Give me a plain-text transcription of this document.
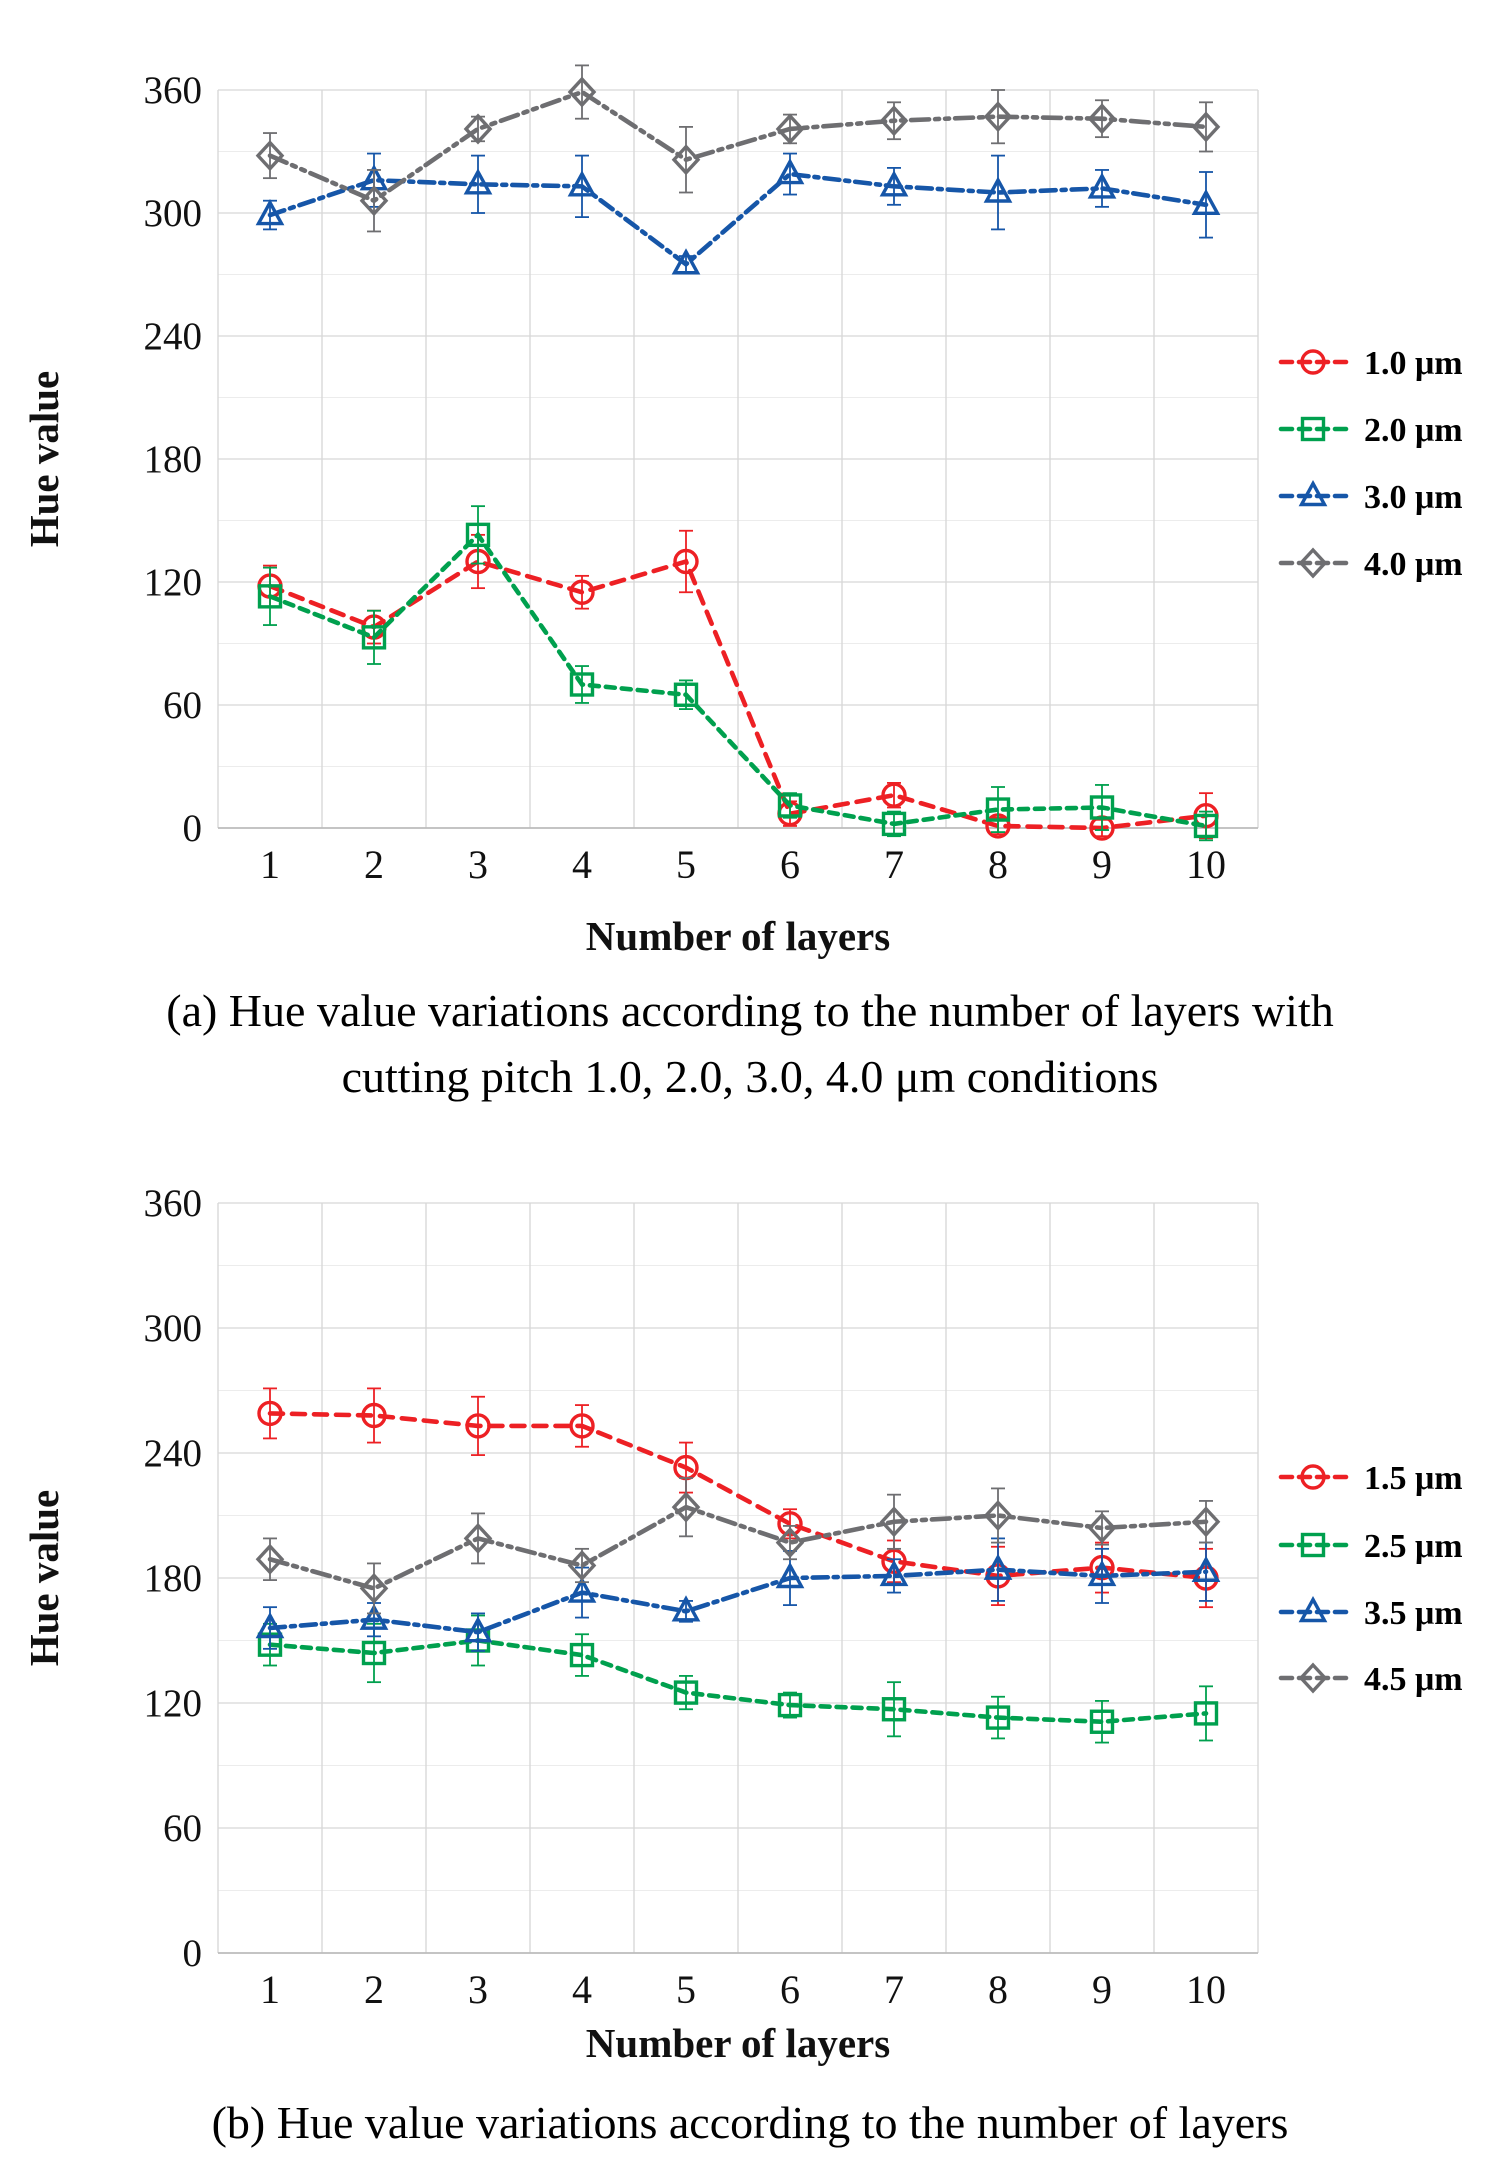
0
60
120
180
240
300
360
1 2 3 4 5 6 7 8 9 10
1.0 μm
2.0 μm
3.0 μm
4.0 μm
Hue value
Number of layers
(a) Hue value variations according to the number of layers with
cutting pitch 1.0, 2.0, 3.0, 4.0 μm conditions
0
60
120
180
240
300
360
1 2 3 4 5 6 7 8 9 10
1.5 μm
2.5 μm
3.5 μm
4.5 μm
Hue value
Number of layers
(b) Hue value variations according to the number of layers
